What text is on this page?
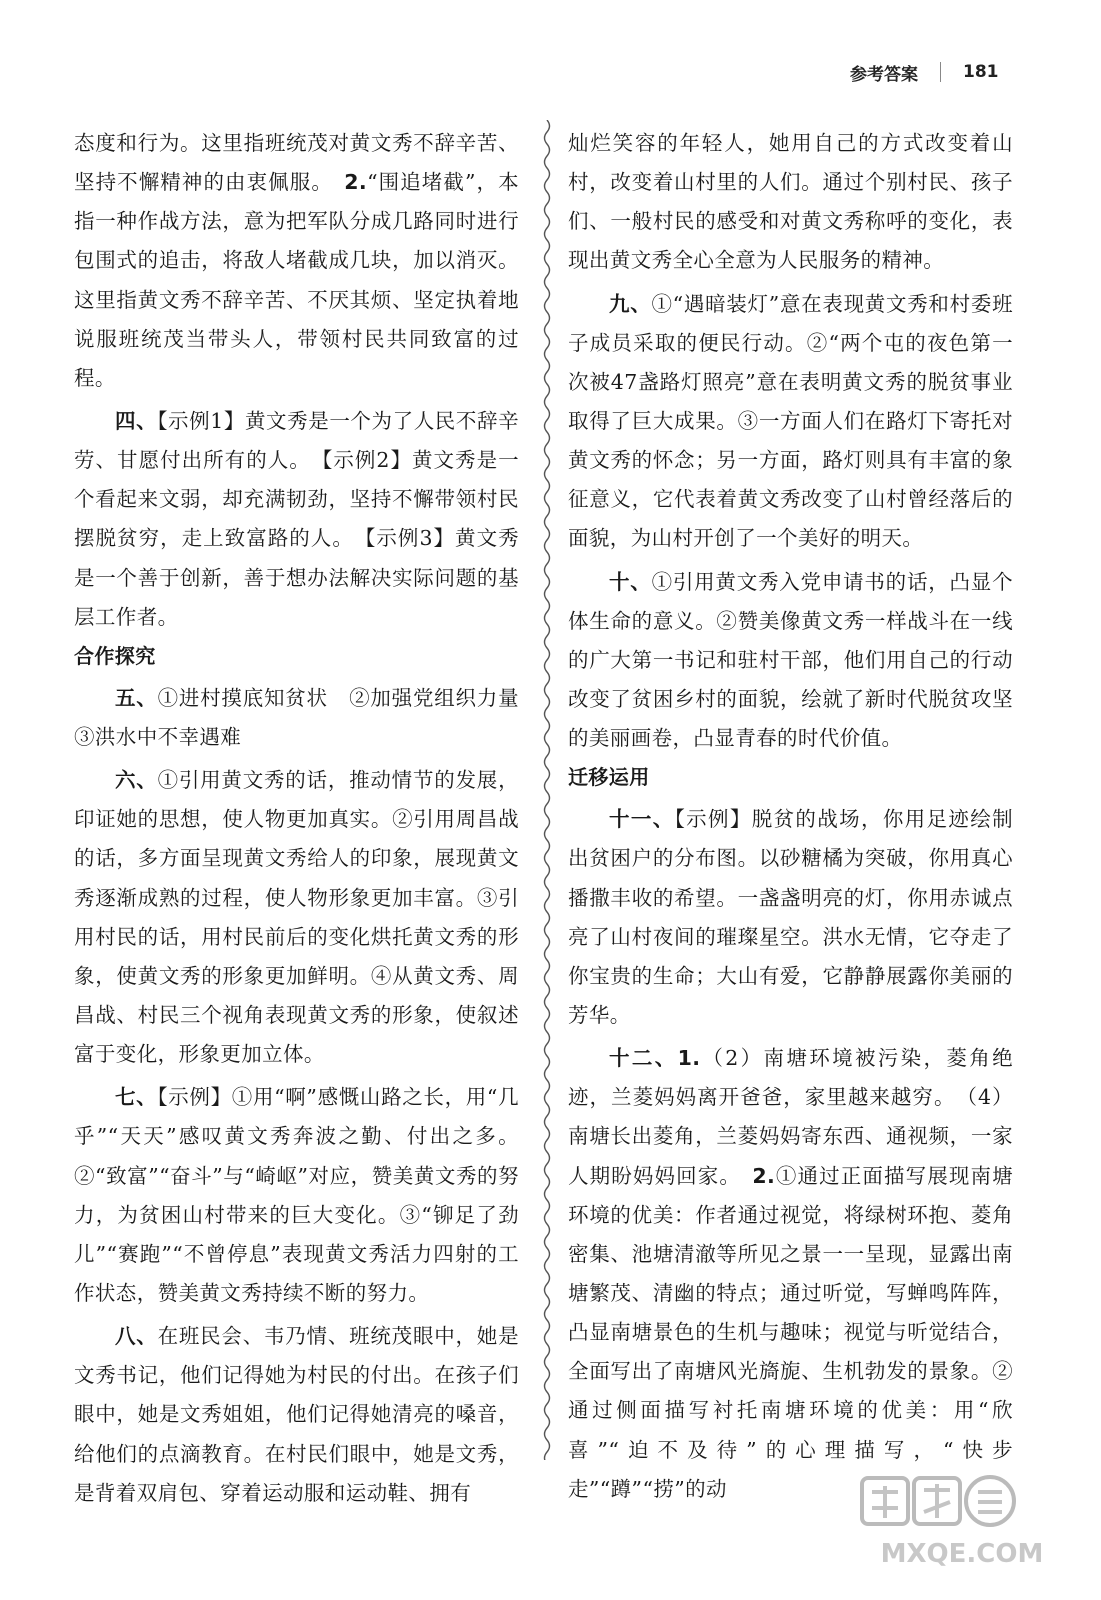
参考答案	181

态度和行为。这里指班统茂对黄文秀不辞辛苦、坚持不懈精神的由衷佩服。　2.“围追堵截”，本指一种作战方法，意为把军队分成几路同时进行包围式的追击，将敌人堵截成几块，加以消灭。这里指黄文秀不辞辛苦、不厌其烦、坚定执着地说服班统茂当带头人，带领村民共同致富的过程。

四、【示例1】黄文秀是一个为了人民不辞辛劳、甘愿付出所有的人。　【示例2】黄文秀是一个看起来文弱，却充满韧劲，坚持不懈带领村民摆脱贫穷，走上致富路的人。　【示例3】黄文秀是一个善于创新，善于想办法解决实际问题的基层工作者。

合作探究

五、①进村摸底知贫状　②加强党组织力量　③洪水中不幸遇难

六、①引用黄文秀的话，推动情节的发展，印证她的思想，使人物更加真实。②引用周昌战的话，多方面呈现黄文秀给人的印象，展现黄文秀逐渐成熟的过程，使人物形象更加丰富。③引用村民的话，用村民前后的变化烘托黄文秀的形象，使黄文秀的形象更加鲜明。④从黄文秀、周昌战、村民三个视角表现黄文秀的形象，使叙述富于变化，形象更加立体。

七、【示例】①用“啊”感慨山路之长，用“几乎”“天天”感叹黄文秀奔波之勤、付出之多。②“致富”“奋斗”与“崎岖”对应，赞美黄文秀的努力，为贫困山村带来的巨大变化。③“铆足了劲儿”“赛跑”“不曾停息”表现黄文秀活力四射的工作状态，赞美黄文秀持续不断的努力。

八、在班民会、韦乃情、班统茂眼中，她是文秀书记，他们记得她为村民的付出。在孩子们眼中，她是文秀姐姐，他们记得她清亮的嗓音，给他们的点滴教育。在村民们眼中，她是文秀，是背着双肩包、穿着运动服和运动鞋、拥有

灿烂笑容的年轻人，她用自己的方式改变着山村，改变着山村里的人们。通过个别村民、孩子们、一般村民的感受和对黄文秀称呼的变化，表现出黄文秀全心全意为人民服务的精神。

九、①“遇暗装灯”意在表现黄文秀和村委班子成员采取的便民行动。②“两个屯的夜色第一次被47盏路灯照亮”意在表明黄文秀的脱贫事业取得了巨大成果。③一方面人们在路灯下寄托对黄文秀的怀念；另一方面，路灯则具有丰富的象征意义，它代表着黄文秀改变了山村曾经落后的面貌，为山村开创了一个美好的明天。

十、①引用黄文秀入党申请书的话，凸显个体生命的意义。②赞美像黄文秀一样战斗在一线的广大第一书记和驻村干部，他们用自己的行动改变了贫困乡村的面貌，绘就了新时代脱贫攻坚的美丽画卷，凸显青春的时代价值。

迁移运用

十一、【示例】脱贫的战场，你用足迹绘制出贫困户的分布图。以砂糖橘为突破，你用真心播撒丰收的希望。一盏盏明亮的灯，你用赤诚点亮了山村夜间的璀璨星空。洪水无情，它夺走了你宝贵的生命；大山有爱，它静静展露你美丽的芳华。

十二、1.（2）南塘环境被污染，菱角绝迹，兰菱妈妈离开爸爸，家里越来越穷。　（4）南塘长出菱角，兰菱妈妈寄东西、通视频，一家人期盼妈妈回家。　2.①通过正面描写展现南塘环境的优美：作者通过视觉，将绿树环抱、菱角密集、池塘清澈等所见之景一一呈现，显露出南塘繁茂、清幽的特点；通过听觉，写蝉鸣阵阵，凸显南塘景色的生机与趣味；视觉与听觉结合，全面写出了南塘风光旖旎、生机勃发的景象。②通过侧面描写衬托南塘环境的优美：用“欣喜”“迫不及待”的心理描写，“快步走”“蹲”“捞”的动

MXQE.COM
